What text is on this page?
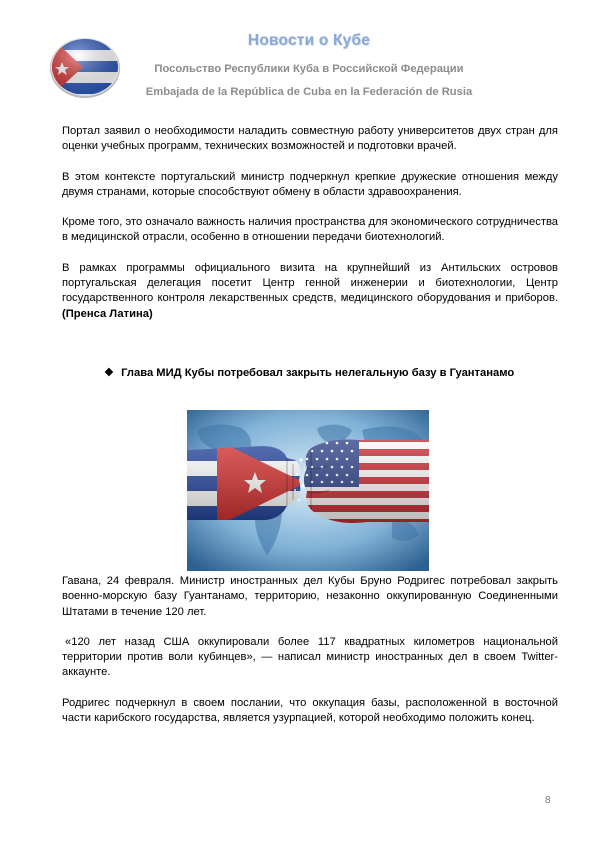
Новости о Кубе
Посольство Республики Куба в Российской Федерации
Embajada de la República de Cuba en la Federación de Rusia

Портал заявил о необходимости наладить совместную работу университетов двух стран для оценки учебных программ, технических возможностей и подготовки врачей.

В этом контексте португальский министр подчеркнул крепкие дружеские отношения между двумя странами, которые способствуют обмену в области здравоохранения.

Кроме того, это означало важность наличия пространства для экономического сотрудничества в медицинской отрасли, особенно в отношении передачи биотехнологий.

В рамках программы официального визита на крупнейший из Антильских островов португальская делегация посетит Центр генной инженерии и биотехнологии, Центр государственного контроля лекарственных средств, медицинского оборудования и приборов. (Пренса Латина)

❖ Глава МИД Кубы потребовал закрыть нелегальную базу в Гуантанамо

Гавана, 24 февраля. Министр иностранных дел Кубы Бруно Родригес потребовал закрыть военно-морскую базу Гуантанамо, территорию, незаконно оккупированную Соединенными Штатами в течение 120 лет.

«120 лет назад США оккупировали более 117 квадратных километров национальной территории против воли кубинцев», — написал министр иностранных дел в своем Twitter-аккаунте.

Родригес подчеркнул в своем послании, что оккупация базы, расположенной в восточной части карибского государства, является узурпацией, которой необходимо положить конец.

8
